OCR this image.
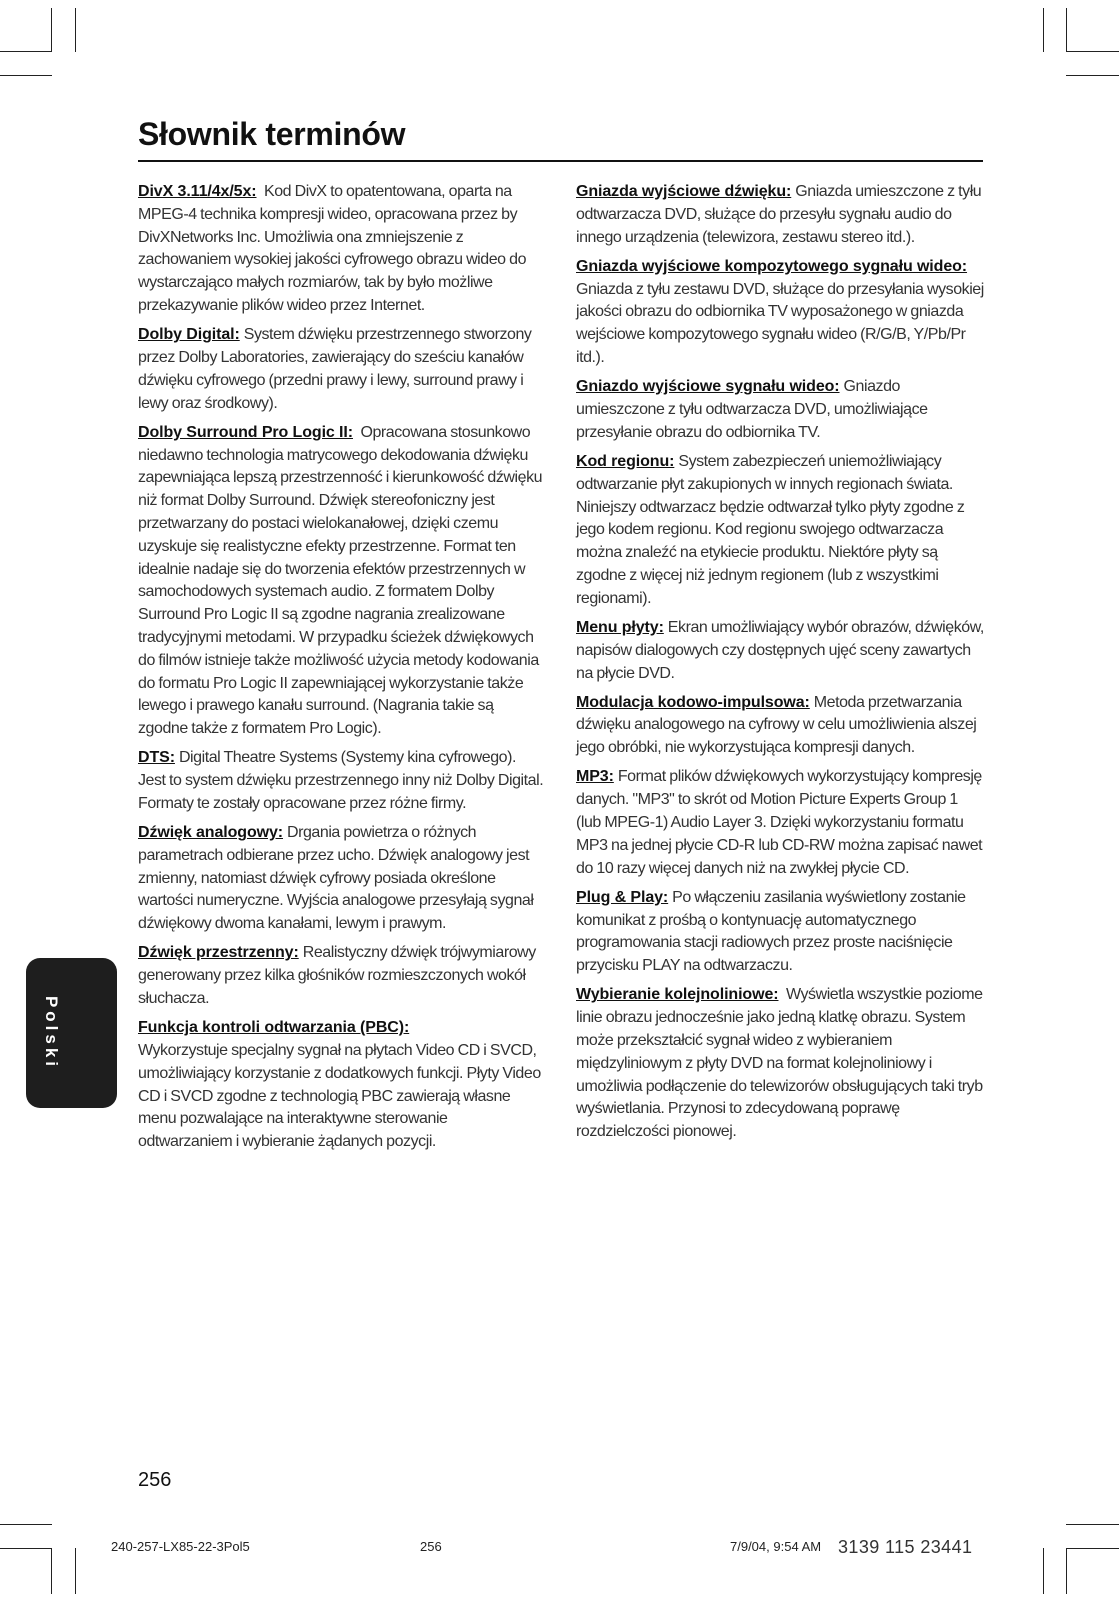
Słownik terminów

DivX 3.11/4x/5x: Kod DivX to opatentowana, oparta na MPEG-4 technika kompresji wideo, opracowana przez by DivXNetworks Inc. Umożliwia ona zmniejszenie z zachowaniem wysokiej jakości cyfrowego obrazu wideo do wystarczająco małych rozmiarów, tak by było możliwe przekazywanie plików wideo przez Internet.

Dolby Digital: System dźwięku przestrzennego stworzony przez Dolby Laboratories, zawierający do sześciu kanałów dźwięku cyfrowego (przedni prawy i lewy, surround prawy i lewy oraz środkowy).

Dolby Surround Pro Logic II: Opracowana stosunkowo niedawno technologia matrycowego dekodowania dźwięku zapewniająca lepszą przestrzenność i kierunkowość dźwięku niż format Dolby Surround. Dźwięk stereofoniczny jest przetwarzany do postaci wielokanałowej, dzięki czemu uzyskuje się realistyczne efekty przestrzenne. Format ten idealnie nadaje się do tworzenia efektów przestrzennych w samochodowych systemach audio. Z formatem Dolby Surround Pro Logic II są zgodne nagrania zrealizowane tradycyjnymi metodami. W przypadku ścieżek dźwiękowych do filmów istnieje także możliwość użycia metody kodowania do formatu Pro Logic II zapewniającej wykorzystanie także lewego i prawego kanału surround. (Nagrania takie są zgodne także z formatem Pro Logic).

DTS: Digital Theatre Systems (Systemy kina cyfrowego). Jest to system dźwięku przestrzennego inny niż Dolby Digital. Formaty te zostały opracowane przez różne firmy.

Dźwięk analogowy: Drgania powietrza o różnych parametrach odbierane przez ucho. Dźwięk analogowy jest zmienny, natomiast dźwięk cyfrowy posiada określone wartości numeryczne. Wyjścia analogowe przesyłają sygnał dźwiękowy dwoma kanałami, lewym i prawym.

Dźwięk przestrzenny: Realistyczny dźwięk trójwymiarowy generowany przez kilka głośników rozmieszczonych wokół słuchacza.

Funkcja kontroli odtwarzania (PBC):
Wykorzystuje specjalny sygnał na płytach Video CD i SVCD, umożliwiający korzystanie z dodatkowych funkcji. Płyty Video CD i SVCD zgodne z technologią PBC zawierają własne menu pozwalające na interaktywne sterowanie odtwarzaniem i wybieranie żądanych pozycji.

Gniazda wyjściowe dźwięku: Gniazda umieszczone z tyłu odtwarzacza DVD, służące do przesyłu sygnału audio do innego urządzenia (telewizora, zestawu stereo itd.).

Gniazda wyjściowe kompozytowego sygnału wideo: Gniazda z tyłu zestawu DVD, służące do przesyłania wysokiej jakości obrazu do odbiornika TV wyposażonego w gniazda wejściowe kompozytowego sygnału wideo (R/G/B, Y/Pb/Pr itd.).

Gniazdo wyjściowe sygnału wideo: Gniazdo umieszczone z tyłu odtwarzacza DVD, umożliwiające przesyłanie obrazu do odbiornika TV.

Kod regionu: System zabezpieczeń uniemożliwiający odtwarzanie płyt zakupionych w innych regionach świata. Niniejszy odtwarzacz będzie odtwarzał tylko płyty zgodne z jego kodem regionu. Kod regionu swojego odtwarzacza można znaleźć na etykiecie produktu. Niektóre płyty są zgodne z więcej niż jednym regionem (lub z wszystkimi regionami).

Menu płyty: Ekran umożliwiający wybór obrazów, dźwięków, napisów dialogowych czy dostępnych ujęć sceny zawartych na płycie DVD.

Modulacja kodowo-impulsowa: Metoda przetwarzania dźwięku analogowego na cyfrowy w celu umożliwienia alszej jego obróbki, nie wykorzystująca kompresji danych.

MP3: Format plików dźwiękowych wykorzystujący kompresję danych. "MP3" to skrót od Motion Picture Experts Group 1 (lub MPEG-1) Audio Layer 3. Dzięki wykorzystaniu formatu MP3 na jednej płycie CD-R lub CD-RW można zapisać nawet do 10 razy więcej danych niż na zwykłej płycie CD.

Plug & Play: Po włączeniu zasilania wyświetlony zostanie komunikat z prośbą o kontynuację automatycznego programowania stacji radiowych przez proste naciśnięcie przycisku PLAY na odtwarzaczu.

Wybieranie kolejnoliniowe: Wyświetla wszystkie poziome linie obrazu jednocześnie jako jedną klatkę obrazu. System może przekształcić sygnał wideo z wybieraniem międzyliniowym z płyty DVD na format kolejnoliniowy i umożliwia podłączenie do telewizorów obsługujących taki tryb wyświetlania. Przynosi to zdecydowaną poprawę rozdzielczości pionowej.

Polski
256
240-257-LX85-22-3Pol5	256	7/9/04, 9:54 AM 3139 115 23441
